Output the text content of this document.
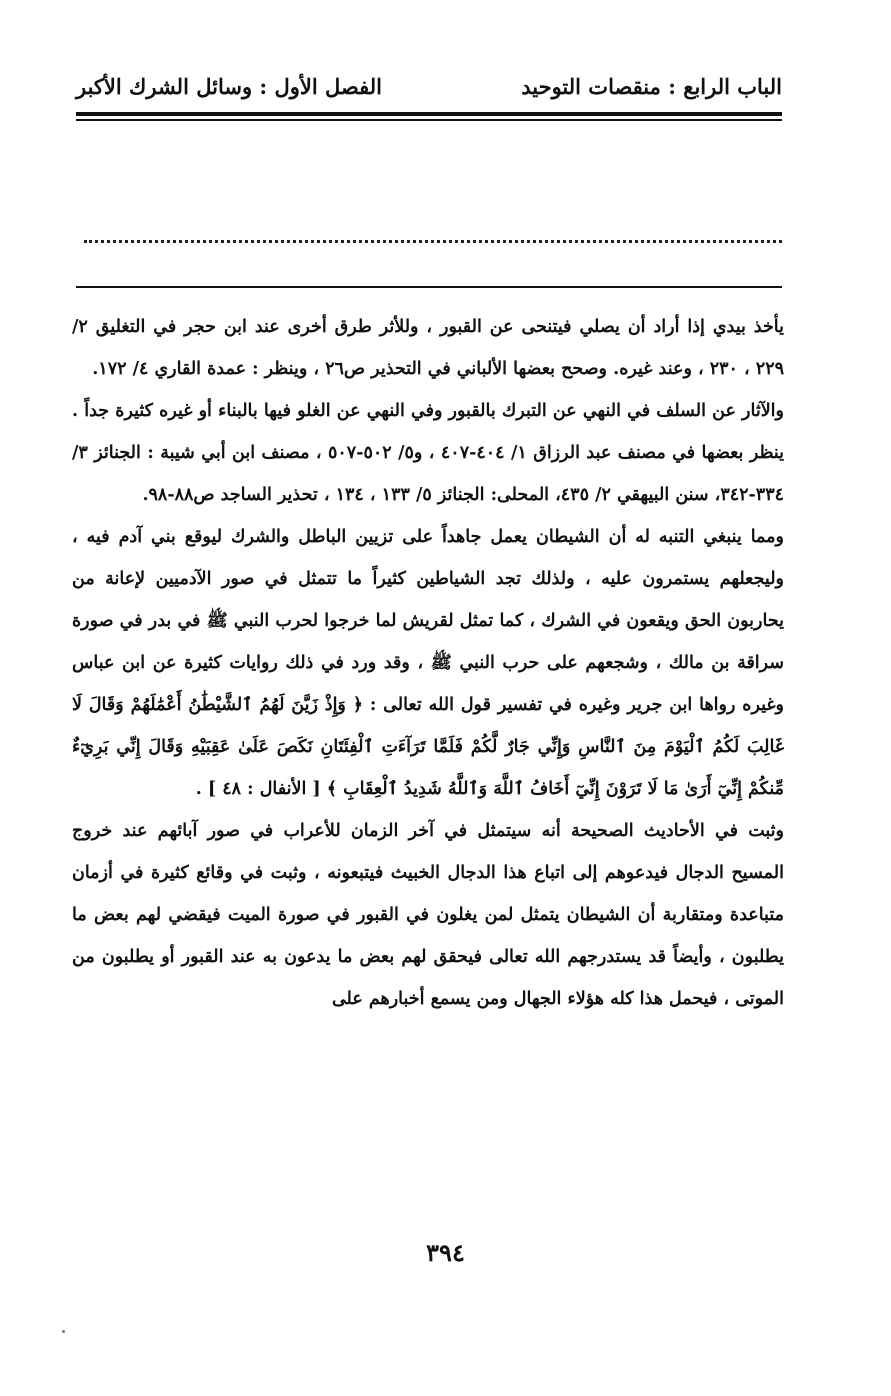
الباب الرابع : منقصات التوحيد
الفصل الأول : وسائل الشرك الأكبر

يأخذ بيدي إذا أراد أن يصلي فيتنحى عن القبور ، وللأثر طرق أخرى عند ابن حجر في التغليق ٢/ ٢٢٩ ، ٢٣٠ ، وعند غيره. وصحح بعضها الألباني في التحذير ص٢٦ ، وينظر : عمدة القاري ٤/ ١٧٢.

والآثار عن السلف في النهي عن التبرك بالقبور وفي النهي عن الغلو فيها بالبناء أو غيره كثيرة جداً . ينظر بعضها في مصنف عبد الرزاق ١/ ٤٠٤-٤٠٧ ، و٥/ ٥٠٢-٥٠٧ ، مصنف ابن أبي شيبة : الجنائز ٣/ ٣٣٤-٣٤٢، سنن البيهقي ٢/ ٤٣٥، المحلى: الجنائز ٥/ ١٣٣ ، ١٣٤ ، تحذير الساجد ص٨٨-٩٨.

ومما ينبغي التنبه له أن الشيطان يعمل جاهداً على تزيين الباطل والشرك ليوقع بني آدم فيه ، وليجعلهم يستمرون عليه ، ولذلك تجد الشياطين كثيراً ما تتمثل في صور الآدميين لإعانة من يحاربون الحق ويقعون في الشرك ، كما تمثل لقريش لما خرجوا لحرب النبي ﷺ في بدر في صورة سراقة بن مالك ، وشجعهم على حرب النبي ﷺ ، وقد ورد في ذلك روايات كثيرة عن ابن عباس وغيره رواها ابن جرير وغيره في تفسير قول الله تعالى : ﴿ وَإِذْ زَيَّنَ لَهُمُ ٱلشَّيْطَٰنُ أَعْمَٰلَهُمْ وَقَالَ لَا غَالِبَ لَكُمُ ٱلْيَوْمَ مِنَ ٱلنَّاسِ وَإِنِّي جَارٌ لَّكُمْ فَلَمَّا تَرَآءَتِ ٱلْفِئَتَانِ نَكَصَ عَلَىٰ عَقِبَيْهِ وَقَالَ إِنِّي بَرِيٓءٌ مِّنكُمْ إِنِّيٓ أَرَىٰ مَا لَا تَرَوْنَ إِنِّيٓ أَخَافُ ٱللَّهَ وَٱللَّهُ شَدِيدُ ٱلْعِقَابِ ﴾ [ الأنفال : ٤٨ ] .

وثبت في الأحاديث الصحيحة أنه سيتمثل في آخر الزمان للأعراب في صور آبائهم عند خروج المسيح الدجال فيدعوهم إلى اتباع هذا الدجال الخبيث فيتبعونه ، وثبت في وقائع كثيرة في أزمان متباعدة ومتقاربة أن الشيطان يتمثل لمن يغلون في القبور في صورة الميت فيقضي لهم بعض ما يطلبون ، وأيضاً قد يستدرجهم الله تعالى فيحقق لهم بعض ما يدعون به عند القبور أو يطلبون من الموتى ، فيحمل هذا كله هؤلاء الجهال ومن يسمع أخبارهم على

٣٩٤
